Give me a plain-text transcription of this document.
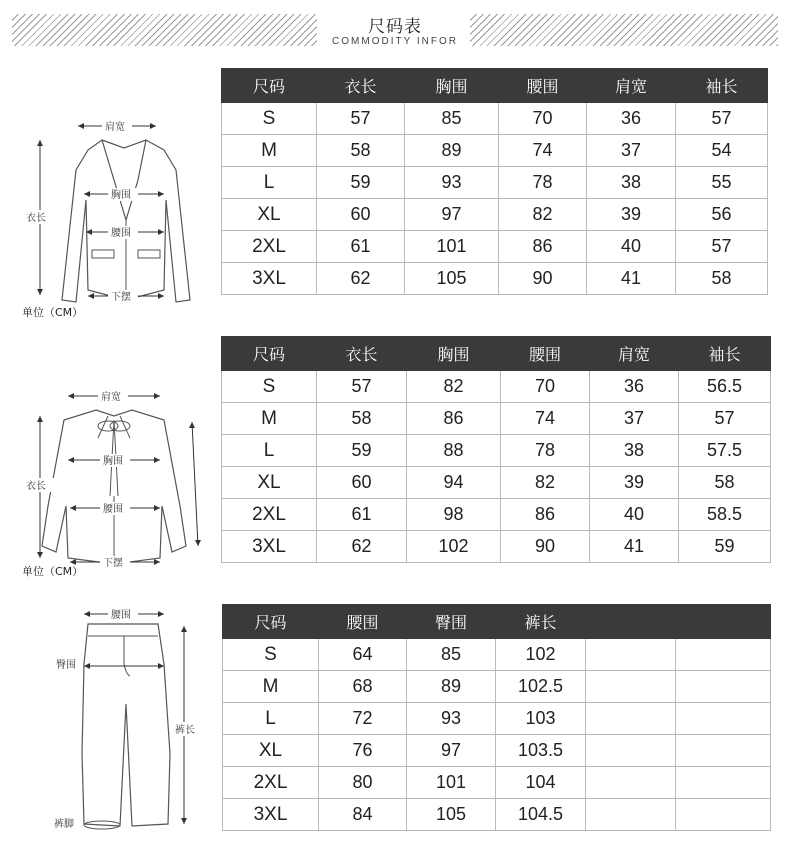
尺码表
COMMODITY INFOR
肩宽
衣长
胸围
腰围
下摆
单位（CM）
尺码	衣长	胸围	腰围	肩宽	袖长
S	57	85	70	36	57
M	58	89	74	37	54
L	59	93	78	38	55
XL	60	97	82	39	56
2XL	61	101	86	40	57
3XL	62	105	90	41	58
肩宽
衣长
胸围
腰围
下摆
单位（CM）
尺码	衣长	胸围	腰围	肩宽	袖长
S	57	82	70	36	56.5
M	58	86	74	37	57
L	59	88	78	38	57.5
XL	60	94	82	39	58
2XL	61	98	86	40	58.5
3XL	62	102	90	41	59
腰围
臀围
裤长
裤脚
尺码	腰围	臀围	裤长		
S	64	85	102		
M	68	89	102.5		
L	72	93	103		
XL	76	97	103.5		
2XL	80	101	104		
3XL	84	105	104.5		
